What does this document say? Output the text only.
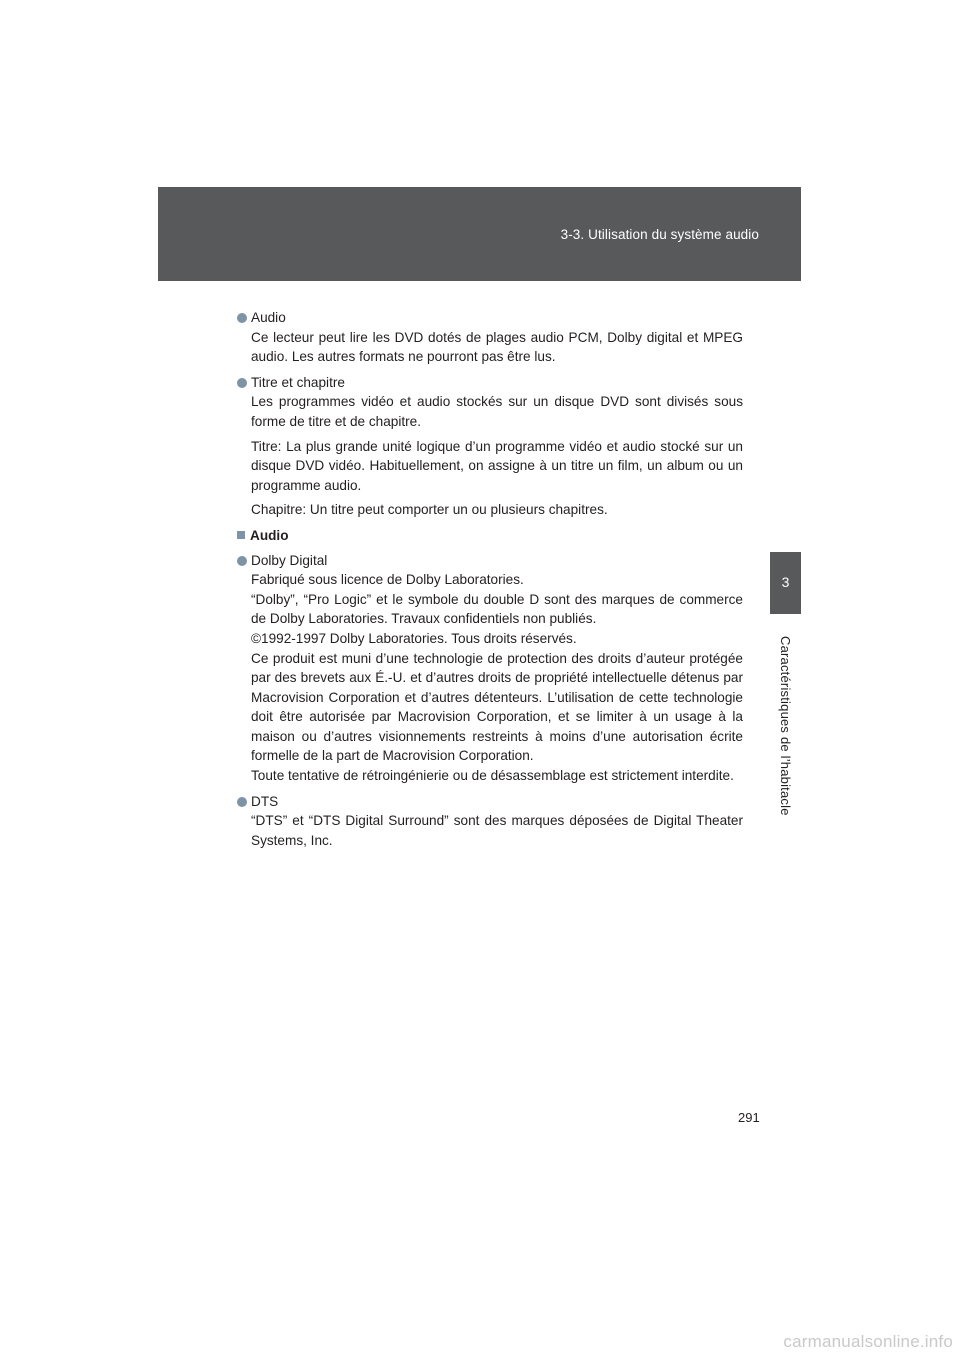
3-3. Utilisation du système audio
3
Caractéristiques de l’habitacle
Audio
Ce lecteur peut lire les DVD dotés de plages audio PCM, Dolby digital et MPEG audio. Les autres formats ne pourront pas être lus.
Titre et chapitre
Les programmes vidéo et audio stockés sur un disque DVD sont divisés sous forme de titre et de chapitre.
Titre: La plus grande unité logique d’un programme vidéo et audio stocké sur un disque DVD vidéo. Habituellement, on assigne à un titre un film, un album ou un programme audio.
Chapitre: Un titre peut comporter un ou plusieurs chapitres.
Audio
Dolby Digital
Fabriqué sous licence de Dolby Laboratories.
“Dolby”, “Pro Logic” et le symbole du double D sont des marques de commerce de Dolby Laboratories. Travaux confidentiels non publiés.
©1992-1997 Dolby Laboratories. Tous droits réservés.
Ce produit est muni d’une technologie de protection des droits d’auteur protégée par des brevets aux É.-U. et d’autres droits de propriété intellectuelle détenus par Macrovision Corporation et d’autres détenteurs. L’utilisation de cette technologie doit être autorisée par Macrovision Corporation, et se limiter à un usage à la maison ou d’autres visionnements restreints à moins d’une autorisation écrite formelle de la part de Macrovision Corporation.
Toute tentative de rétroingénierie ou de désassemblage est strictement interdite.
DTS
“DTS” et “DTS Digital Surround” sont des marques déposées de Digital Theater Systems, Inc.
291
carmanualsonline.info
